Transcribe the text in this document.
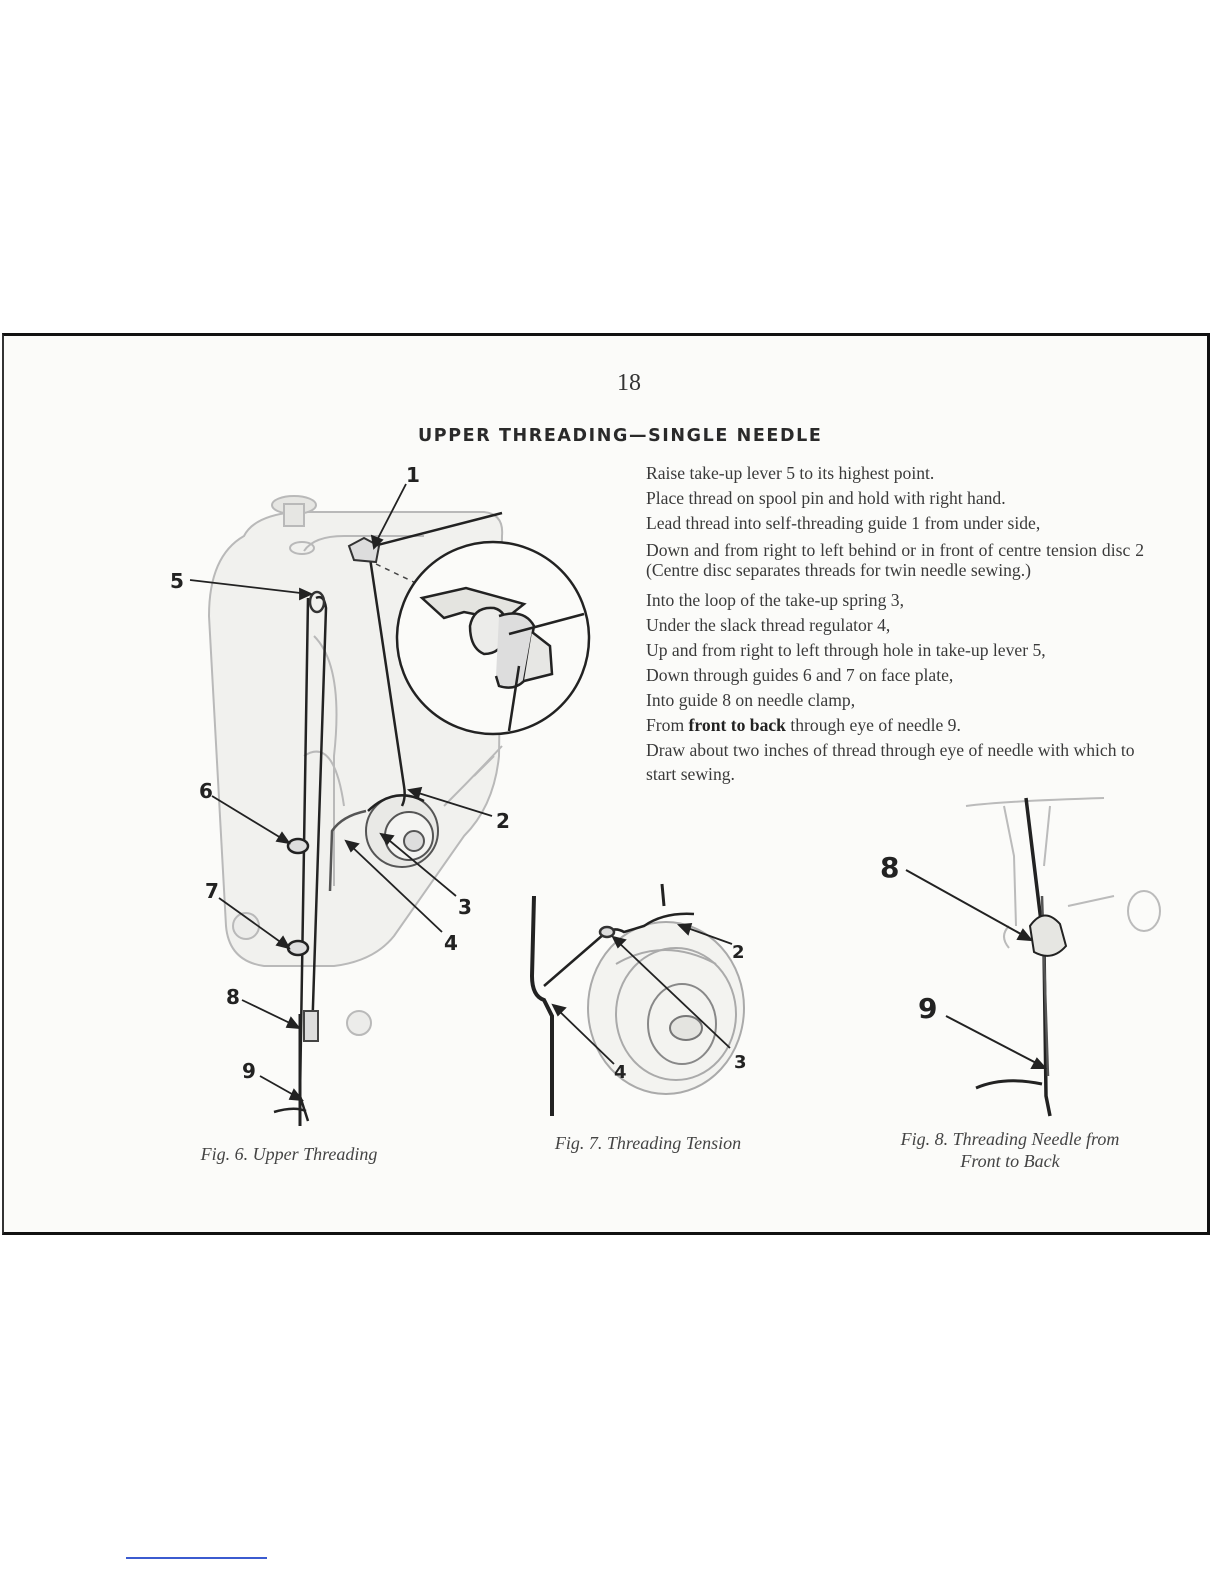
18
UPPER THREADING—SINGLE NEEDLE
Raise take-up lever 5 to its highest point.
Place thread on spool pin and hold with right hand.
Lead thread into self-threading guide 1 from under side,
Down and from right to left behind or in front of centre tension disc 2 (Centre disc separates threads for twin needle sewing.)
Into the loop of the take-up spring 3,
Under the slack thread regulator 4,
Up and from right to left through hole in take-up lever 5,
Down through guides 6 and 7 on face plate,
Into guide 8 on needle clamp,
From front to back through eye of needle 9.
Draw about two inches of thread through eye of needle with which to start sewing.
1
5
2
6
3
7
4
8
9
2
3
4
8
9
Fig. 6. Upper Threading
Fig. 7. Threading Tension	Fig. 8. Threading Needle from
Front to Back
